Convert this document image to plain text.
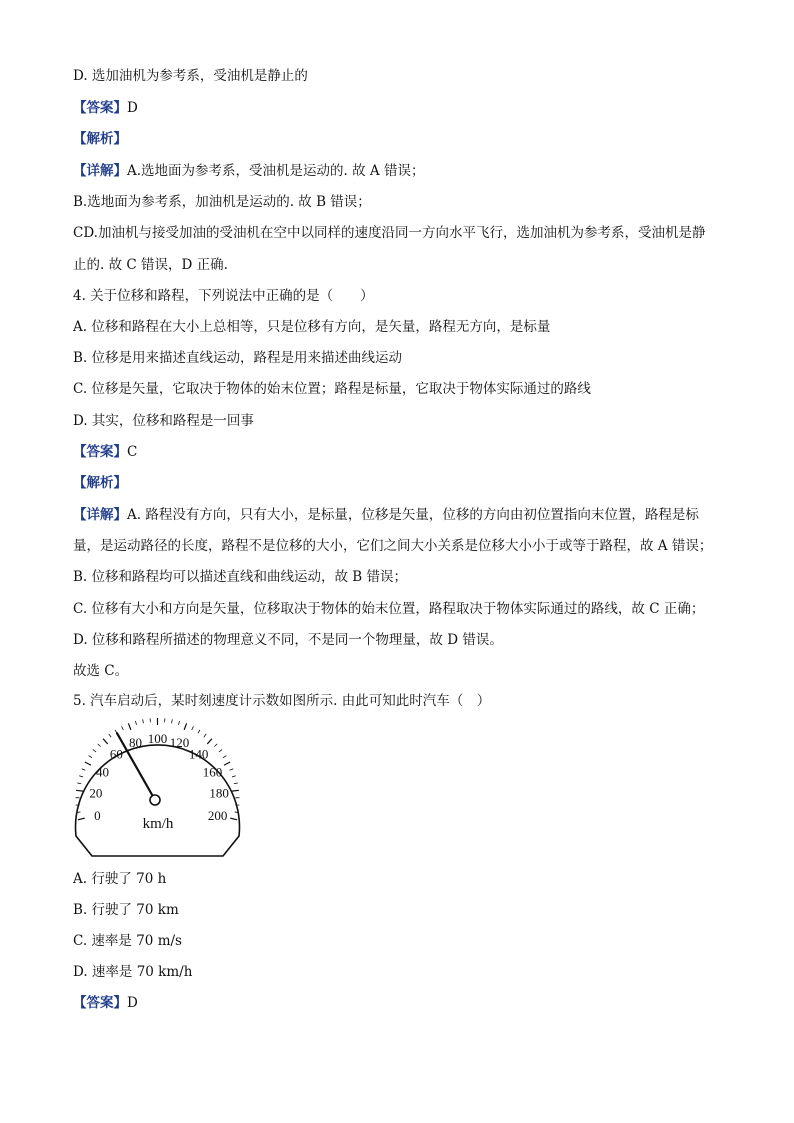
D. 选加油机为参考系，受油机是静止的
【答案】D
【解析】
【详解】A.选地面为参考系，受油机是运动的. 故 A 错误；
B.选地面为参考系，加油机是运动的. 故 B 错误；
CD.加油机与接受加油的受油机在空中以同样的速度沿同一方向水平飞行，选加油机为参考系，受油机是静
止的. 故 C 错误，D 正确.
4. 关于位移和路程，下列说法中正确的是（　　）
A. 位移和路程在大小上总相等，只是位移有方向，是矢量，路程无方向，是标量
B. 位移是用来描述直线运动，路程是用来描述曲线运动
C. 位移是矢量，它取决于物体的始末位置；路程是标量，它取决于物体实际通过的路线
D. 其实，位移和路程是一回事
【答案】C
【解析】
【详解】A. 路程没有方向，只有大小，是标量，位移是矢量，位移的方向由初位置指向末位置，路程是标
量，是运动路径的长度，路程不是位移的大小，它们之间大小关系是位移大小小于或等于路程，故 A 错误；
B. 位移和路程均可以描述直线和曲线运动，故 B 错误；
C. 位移有大小和方向是矢量，位移取决于物体的始末位置，路程取决于物体实际通过的路线，故 C 正确；
D. 位移和路程所描述的物理意义不同，不是同一个物理量，故 D 错误。
故选 C。
5. 汽车启动后，某时刻速度计示数如图所示. 由此可知此时汽车（　）
0
20
40
60
80 100 120
140
160
180
200
km/h
A. 行驶了 70 h
B. 行驶了 70 km
C. 速率是 70 m/s
D. 速率是 70 km/h
【答案】D
